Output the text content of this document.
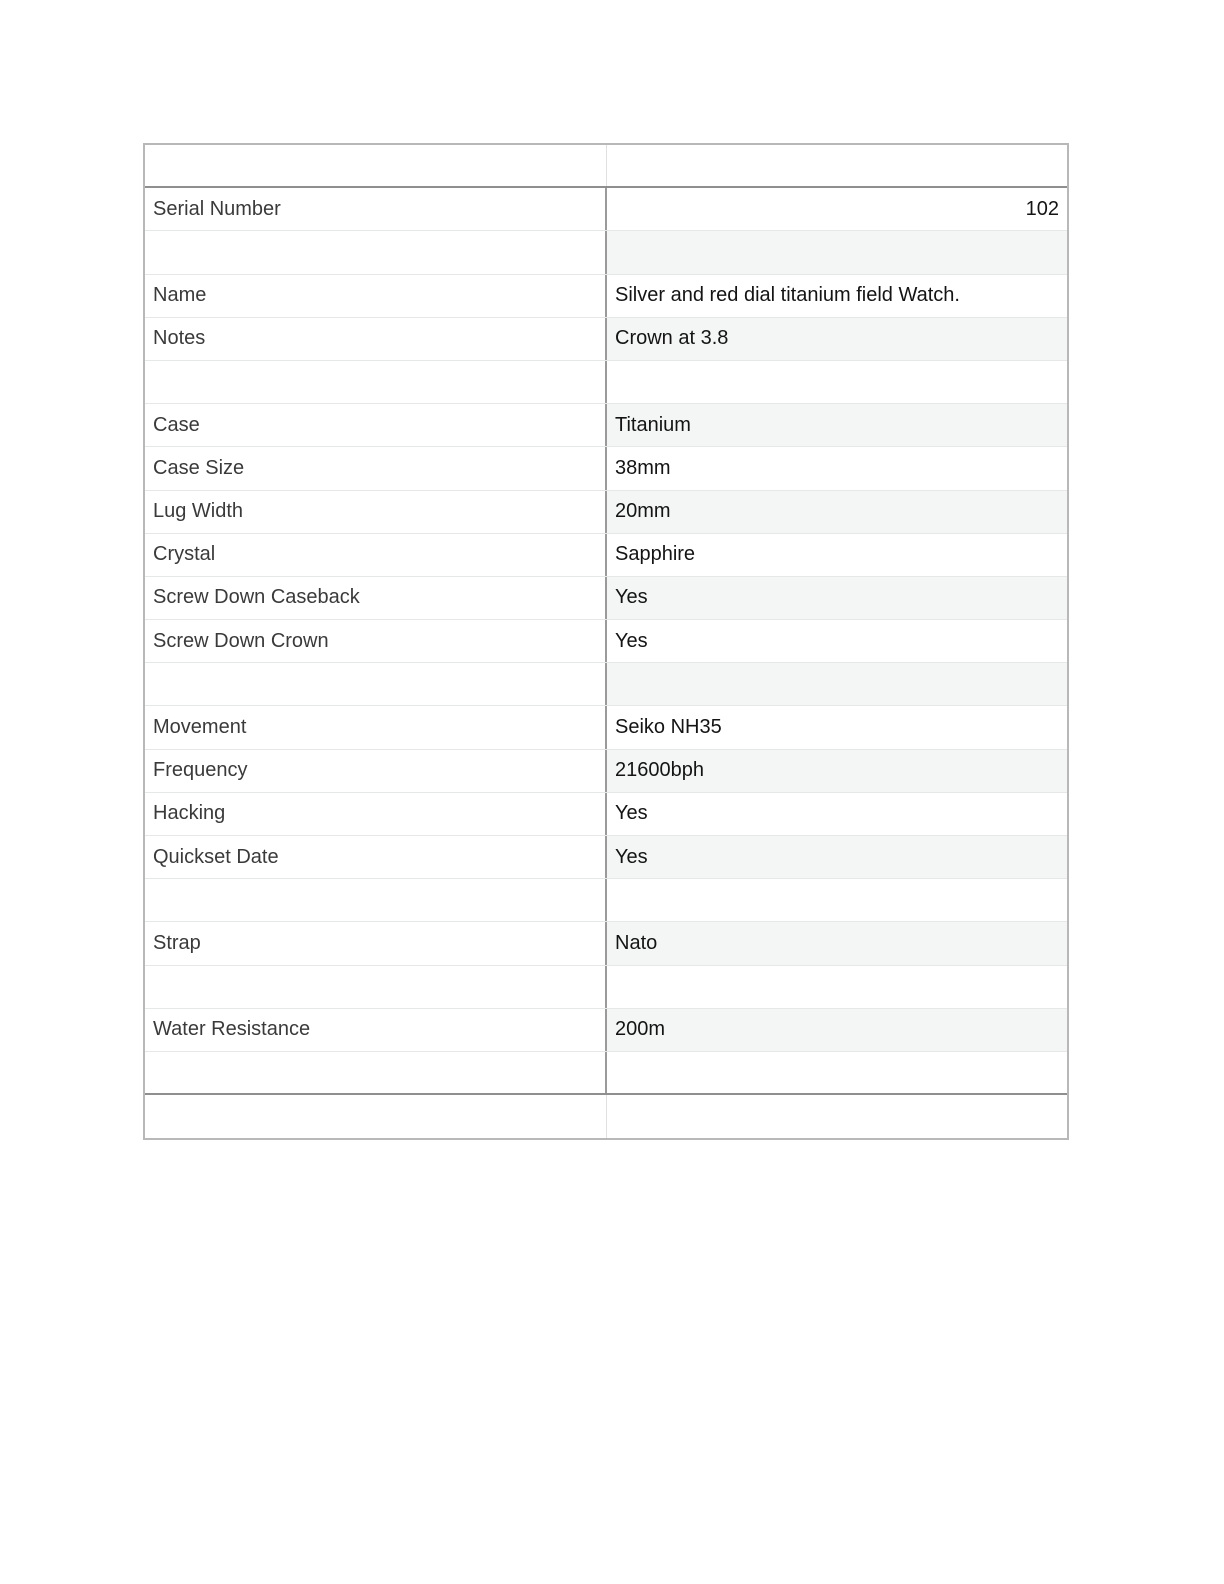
Serial Number	102
Name	Silver and red dial titanium field Watch.
Notes	Crown at 3.8
Case	Titanium
Case Size	38mm
Lug Width	20mm
Crystal	Sapphire
Screw Down Caseback	Yes
Screw Down Crown	Yes
Movement	Seiko NH35
Frequency	21600bph
Hacking	Yes
Quickset Date	Yes
Strap	Nato
Water Resistance	200m
